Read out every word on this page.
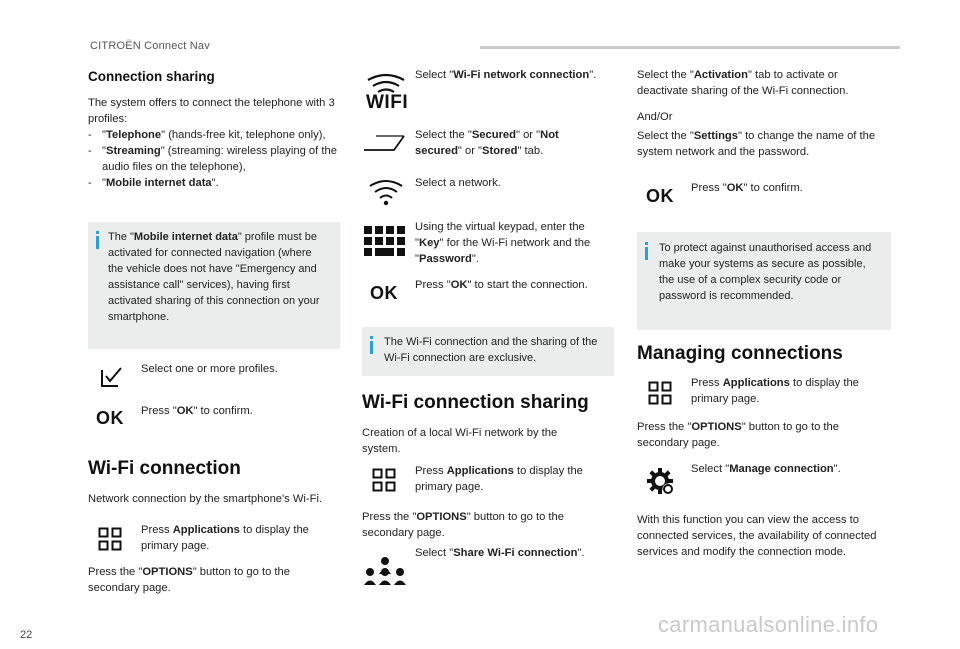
CITROËN Connect Nav
Connection sharing
The system offers to connect the telephone with 3 profiles:
- "Telephone" (hands-free kit, telephone only),
- "Streaming" (streaming: wireless playing of the audio files on the telephone),
- "Mobile internet data".
The "Mobile internet data" profile must be activated for connected navigation (where the vehicle does not have "Emergency and assistance call" services), having first activated sharing of this connection on your smartphone.
Select one or more profiles.
OK Press "OK" to confirm.
Wi-Fi connection
Network connection by the smartphone's Wi-Fi.
Press Applications to display the primary page.
Press the "OPTIONS" button to go to the secondary page.
WIFI
Select "Wi-Fi network connection".
Select the "Secured" or "Not secured" or "Stored" tab.
Select a network.
Using the virtual keypad, enter the "Key" for the Wi-Fi network and the "Password".
OK Press "OK" to start the connection.
The Wi-Fi connection and the sharing of the Wi-Fi connection are exclusive.
Wi-Fi connection sharing
Creation of a local Wi-Fi network by the system.
Press Applications to display the primary page.
Press the "OPTIONS" button to go to the secondary page.
Select "Share Wi-Fi connection".
Select the "Activation" tab to activate or deactivate sharing of the Wi-Fi connection.
And/Or
Select the "Settings" to change the name of the system network and the password.
OK Press "OK" to confirm.
To protect against unauthorised access and make your systems as secure as possible, the use of a complex security code or password is recommended.
Managing connections
Press Applications to display the primary page.
Press the "OPTIONS" button to go to the secondary page.
Select "Manage connection".
With this function you can view the access to connected services, the availability of connected services and modify the connection mode.
22	carmanualsonline.info
